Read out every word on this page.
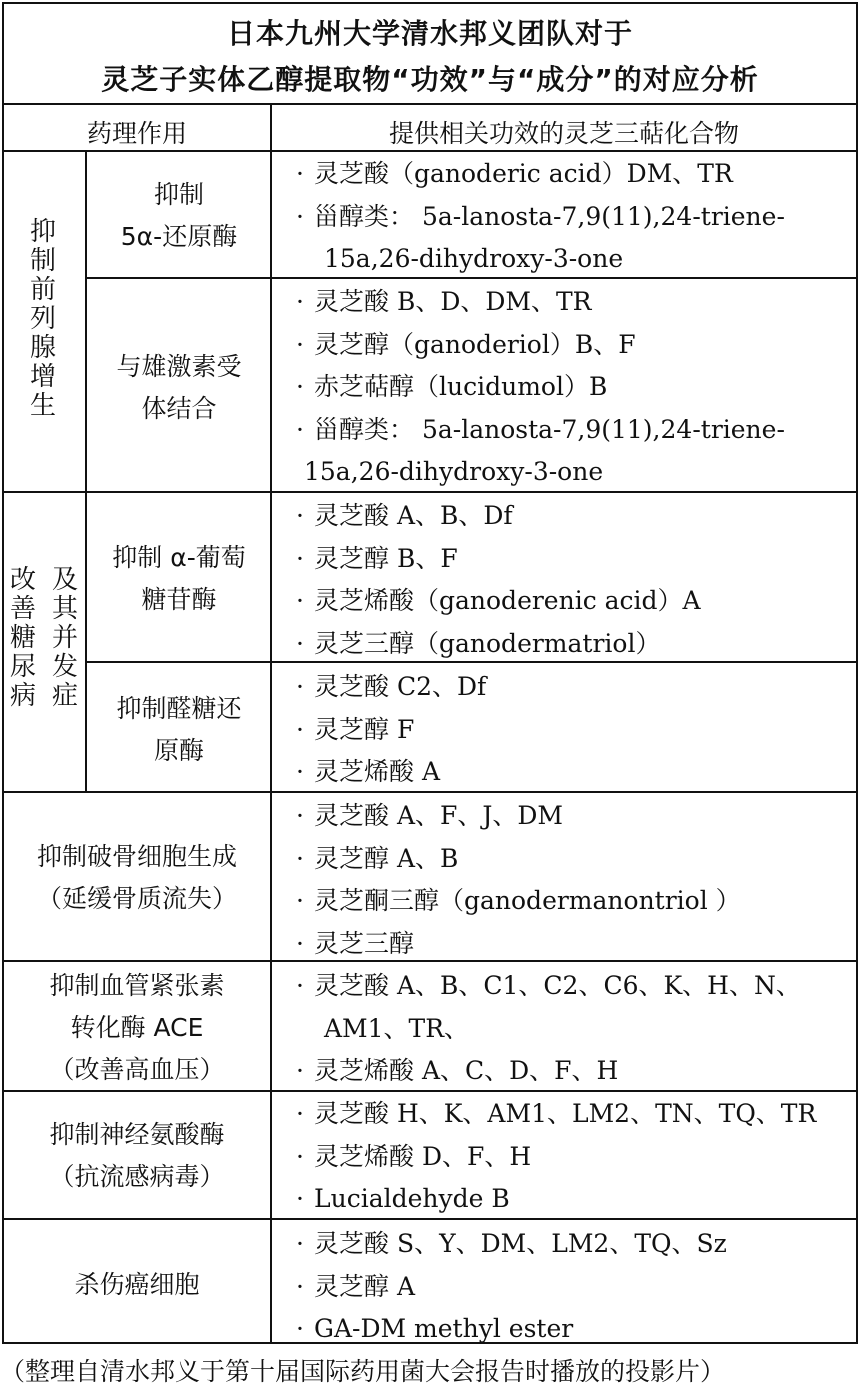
日本九州大学清水邦义团队对于
灵芝子实体乙醇提取物“功效”与“成分”的对应分析
药理作用	提供相关功效的灵芝三萜化合物
抑
制
前
列
腺
增
生
抑制
5α-还原酶
· 灵芝酸（ganoderic acid）DM、TR
· 甾醇类： 5a-lanosta-7,9(11),24-triene-
15a,26-dihydroxy-3-one
与雄激素受
体结合
· 灵芝酸 B、D、DM、TR
· 灵芝醇（ganoderiol）B、F
· 赤芝萜醇（lucidumol）B
· 甾醇类： 5a-lanosta-7,9(11),24-triene-
15a,26-dihydroxy-3-one
改
善
糖
尿
病
及
其
并
发
症
抑制 α-葡萄
糖苷酶
· 灵芝酸 A、B、Df
· 灵芝醇 B、F
· 灵芝烯酸（ganoderenic acid）A
· 灵芝三醇（ganodermatriol）
抑制醛糖还
原酶
· 灵芝酸 C2、Df
· 灵芝醇 F
· 灵芝烯酸 A
抑制破骨细胞生成
（延缓骨质流失）
· 灵芝酸 A、F、J、DM
· 灵芝醇 A、B
· 灵芝酮三醇（ganodermanontriol ）
· 灵芝三醇
抑制血管紧张素
转化酶 ACE
（改善高血压）
· 灵芝酸 A、B、C1、C2、C6、K、H、N、
AM1、TR、
· 灵芝烯酸 A、C、D、F、H
抑制神经氨酸酶
（抗流感病毒）
· 灵芝酸 H、K、AM1、LM2、TN、TQ、TR
· 灵芝烯酸 D、F、H
· Lucialdehyde B
杀伤癌细胞
· 灵芝酸 S、Y、DM、LM2、TQ、Sz
· 灵芝醇 A
· GA-DM methyl ester
（整理自清水邦义于第十届国际药用菌大会报告时播放的投影片）
